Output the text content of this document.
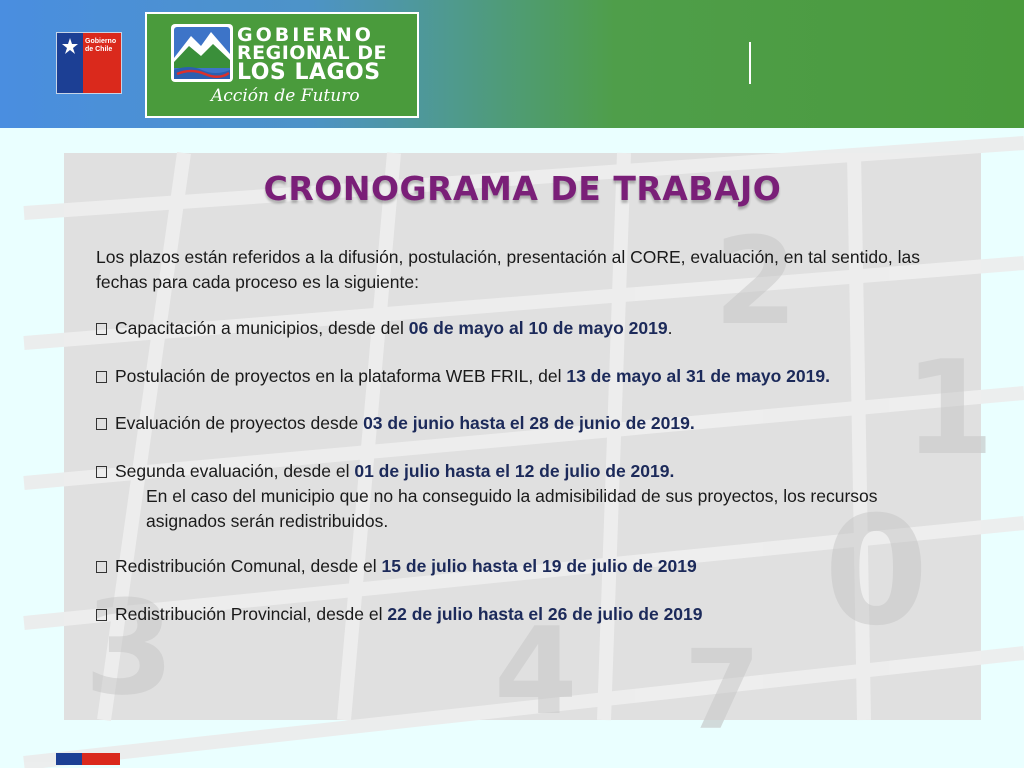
Gobierno de Chile
GOBIERNO
REGIONAL DE
LOS LAGOS
Acción de Futuro
2
0
1
3	4 7
CRONOGRAMA DE TRABAJO
Los plazos están referidos a la difusión, postulación, presentación al CORE, evaluación, en tal sentido, las fechas para cada proceso es la siguiente:
Capacitación a municipios, desde del 06 de mayo al 10 de mayo 2019.
Postulación de proyectos en la plataforma WEB FRIL, del 13 de mayo al 31 de mayo 2019.
Evaluación de proyectos desde 03 de junio hasta el 28 de junio de 2019.
Segunda evaluación, desde el 01 de julio hasta el 12 de julio de 2019.
En el caso del municipio que no ha conseguido la admisibilidad de sus proyectos, los recursos asignados serán redistribuidos.
Redistribución Comunal, desde el 15 de julio hasta el 19 de julio de 2019
Redistribución Provincial, desde el 22 de julio hasta el 26 de julio de 2019
